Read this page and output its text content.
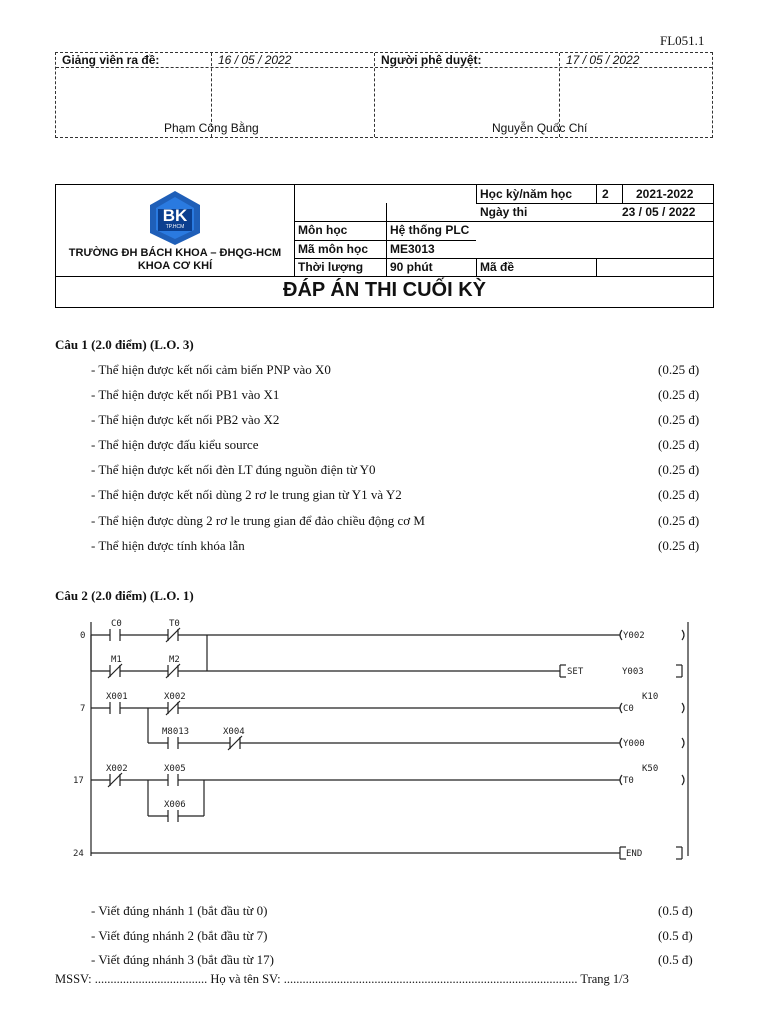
FL051.1
Giảng viên ra đề:	16 / 05 / 2022	Người phê duyệt:	17 / 05 / 2022
Phạm Công Bằng	Nguyễn Quốc Chí
BK
TP.HCM
TRƯỜNG ĐH BÁCH KHOA – ĐHQG-HCM
KHOA CƠ KHÍ
Học kỳ/năm học 2 2021-2022
Ngày thi	23 / 05 / 2022
Môn học	Hệ thống PLC
Mã môn học ME3013
Thời lượng 90 phút	Mã đề
ĐÁP ÁN THI CUỐI KỲ
Câu 1 (2.0 điểm) (L.O. 3)
- Thể hiện được kết nối cảm biến PNP vào X0	(0.25 đ)
- Thể hiện được kết nối PB1 vào X1	(0.25 đ)
- Thể hiện được kết nối PB2 vào X2	(0.25 đ)
- Thể hiện được đấu kiểu source	(0.25 đ)
- Thể hiện được kết nối đèn LT đúng nguồn điện từ Y0	(0.25 đ)
- Thể hiện được kết nối dùng 2 rơ le trung gian từ Y1 và Y2	(0.25 đ)
- Thể hiện được dùng 2 rơ le trung gian để đảo chiều động cơ M	(0.25 đ)
- Thể hiện được tính khóa lẫn	(0.25 đ)
Câu 2 (2.0 điểm) (L.O. 1)
0
7
17
24
C0	T0
Y002
M1	M2
SET	Y003
X001	X002	K10
C0
M8013	X004
Y000
X002	X005	K50
T0
X006
END
- Viết đúng nhánh 1 (bắt đầu từ 0)	(0.5 đ)
- Viết đúng nhánh 2 (bắt đầu từ 7)	(0.5 đ)
- Viết đúng nhánh 3 (bắt đầu từ 17)	(0.5 đ)
MSSV: .................................... Họ và tên SV: .............................................................................................. Trang 1/3
